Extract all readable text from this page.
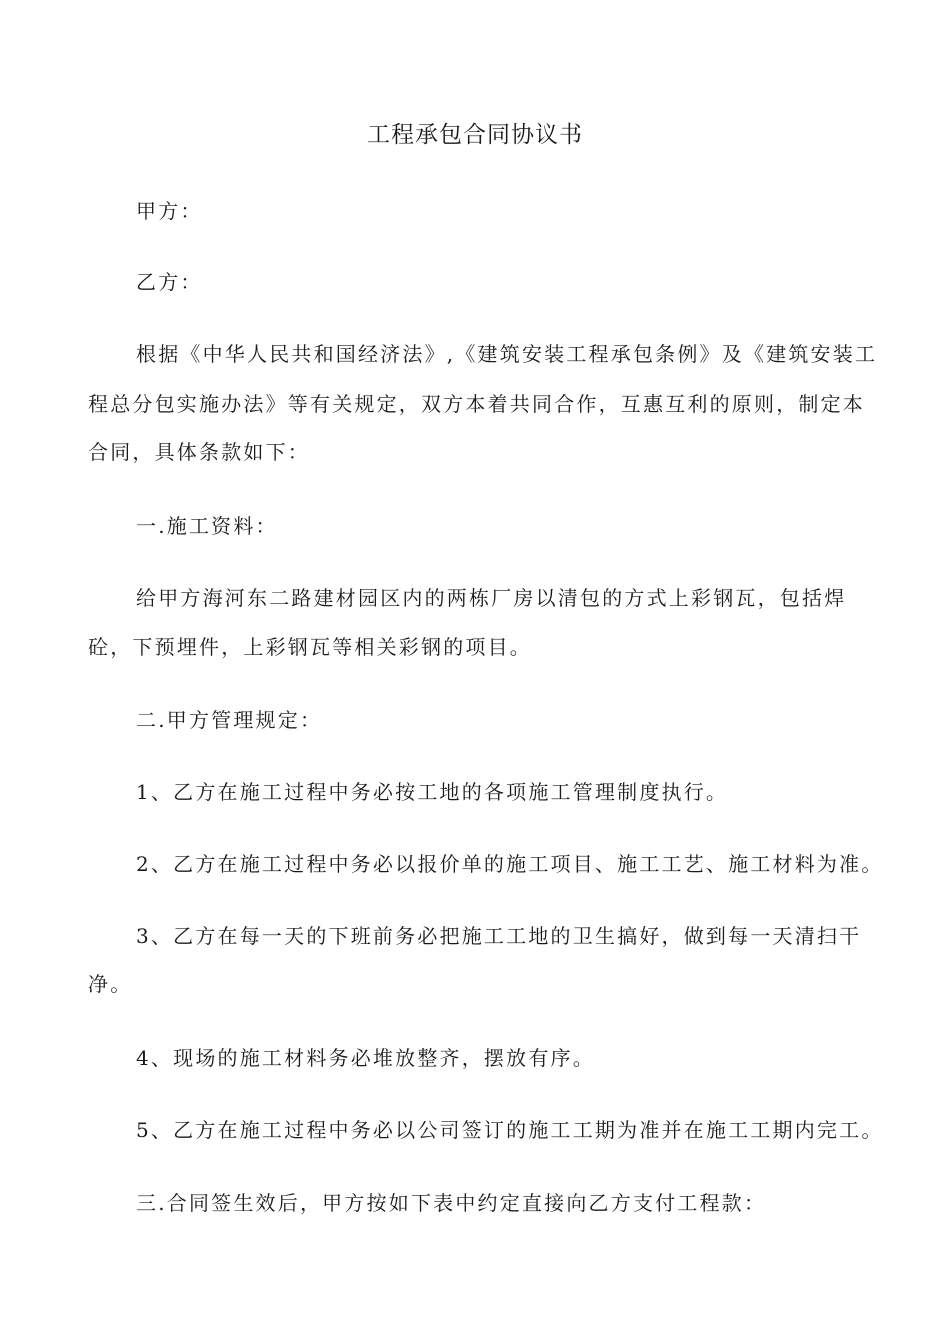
工程承包合同协议书
甲方：
乙方：
根据《中华人民共和国经济法》,《建筑安装工程承包条例》及《建筑安装工
程总分包实施办法》等有关规定，双方本着共同合作，互惠互利的原则，制定本
合同，具体条款如下：
一.施工资料：
给甲方海河东二路建材园区内的两栋厂房以清包的方式上彩钢瓦，包括焊
砼，下预埋件，上彩钢瓦等相关彩钢的项目。
二.甲方管理规定：
1、乙方在施工过程中务必按工地的各项施工管理制度执行。
2、乙方在施工过程中务必以报价单的施工项目、施工工艺、施工材料为准。
3、乙方在每一天的下班前务必把施工工地的卫生搞好，做到每一天清扫干
净。
4、现场的施工材料务必堆放整齐，摆放有序。
5、乙方在施工过程中务必以公司签订的施工工期为准并在施工工期内完工。
三.合同签生效后，甲方按如下表中约定直接向乙方支付工程款：
